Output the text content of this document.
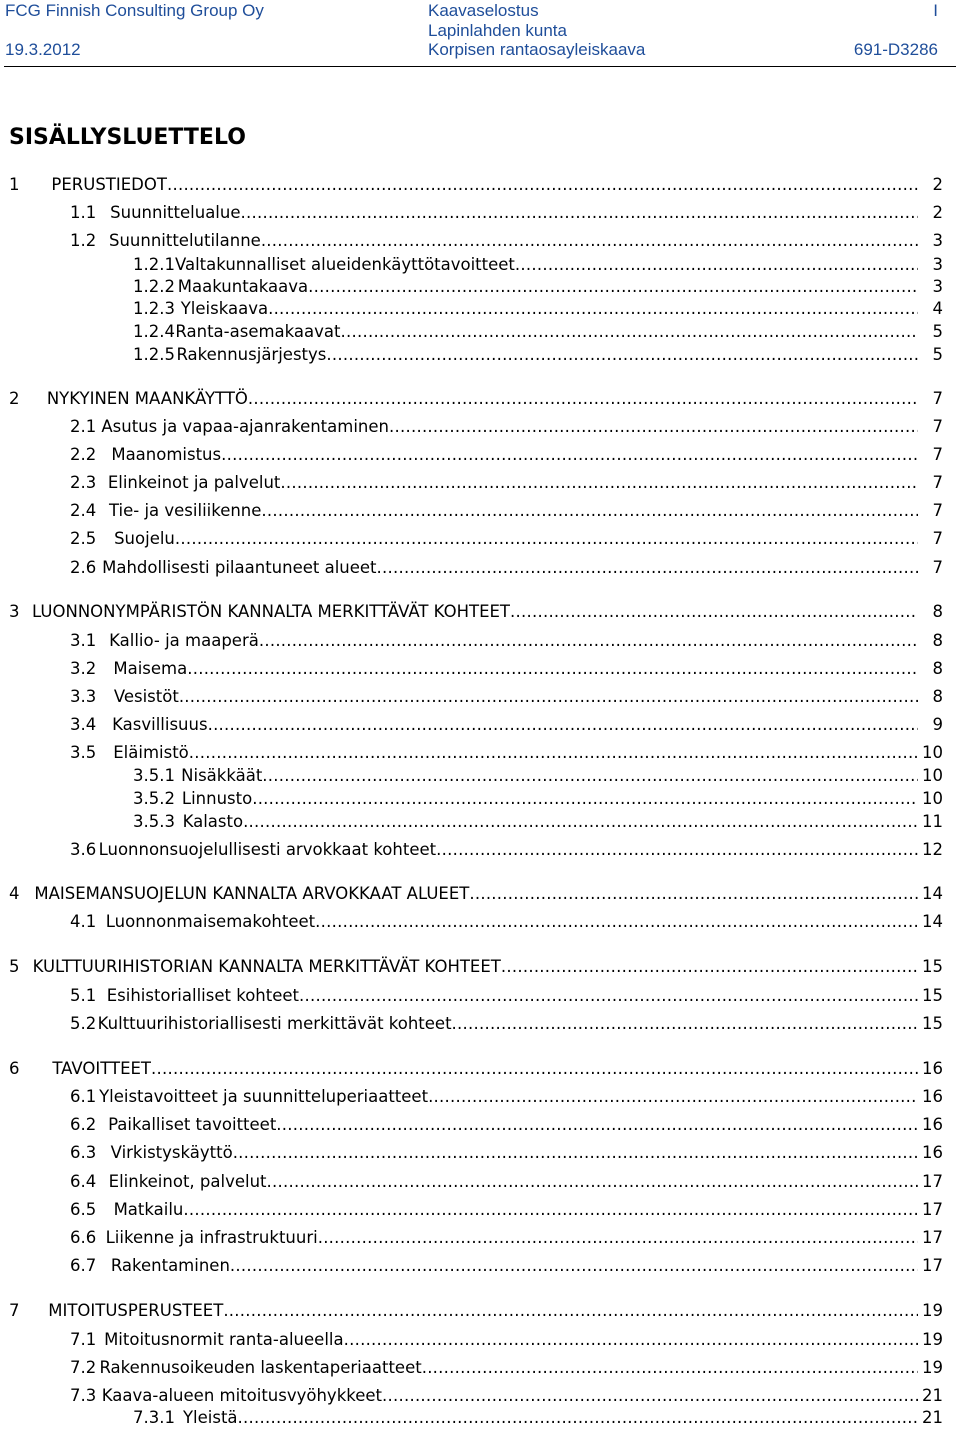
FCG Finnish Consulting Group Oy
19.3.2012
Kaavaselostus
Lapinlahden kunta
Korpisen rantaosayleiskaava
I
691-D3286
SISÄLLYSLUETTELO
1	PERUSTIEDOT . . .	2
1.1 Suunnittelualue . . .	2
1.2 Suunnittelutilanne . . .	3
1.2.1 Valtakunnalliset alueidenkäyttötavoitteet . . .	3
1.2.2 Maakuntakaava . . .	3
1.2.3 Yleiskaava . . .	4
1.2.4 Ranta-asemakaavat . . .	5
1.2.5 Rakennusjärjestys . . .	5
2	NYKYINEN MAANKÄYTTÖ . . .	7
2.1 Asutus ja vapaa-ajanrakentaminen . . .	7
2.2 Maanomistus . . .	7
2.3 Elinkeinot ja palvelut . . .	7
2.4 Tie- ja vesiliikenne . . .	7
2.5	Suojelu . . .	7
2.6 Mahdollisesti pilaantuneet alueet . . .	7
3 LUONNONYMPÄRISTÖN KANNALTA MERKITTÄVÄT KOHTEET . . .	8
3.1 Kallio- ja maaperä . . .	8
3.2	Maisema . . .	8
3.3	Vesistöt . . .	8
3.4 Kasvillisuus . . .	9
3.5	Eläimistö . . .	10
3.5.1 Nisäkkäät . . .	10
3.5.2 Linnusto . . .	10
3.5.3 Kalasto . . .	11
3.6 Luonnonsuojelullisesti arvokkaat kohteet . . .	12
4 MAISEMANSUOJELUN KANNALTA ARVOKKAAT ALUEET . . .	14
4.1 Luonnonmaisemakohteet . . .	14
5 KULTTUURIHISTORIAN KANNALTA MERKITTÄVÄT KOHTEET . . .	15
5.1 Esihistorialliset kohteet . . .	15
5.2 Kulttuurihistoriallisesti merkittävät kohteet . . .	15
6	TAVOITTEET . . .	16
6.1 Yleistavoitteet ja suunnitteluperiaatteet . . .	16
6.2 Paikalliset tavoitteet . . .	16
6.3 Virkistyskäyttö . . .	16
6.4 Elinkeinot, palvelut . . .	17
6.5	Matkailu . . .	17
6.6 Liikenne ja infrastruktuuri . . .	17
6.7 Rakentaminen . . .	17
7	MITOITUSPERUSTEET . . .	19
7.1 Mitoitusnormit ranta-alueella . . .	19
7.2 Rakennusoikeuden laskentaperiaatteet . . .	19
7.3 Kaava-alueen mitoitusvyöhykkeet . . .	21
7.3.1 Yleistä . . .	21
